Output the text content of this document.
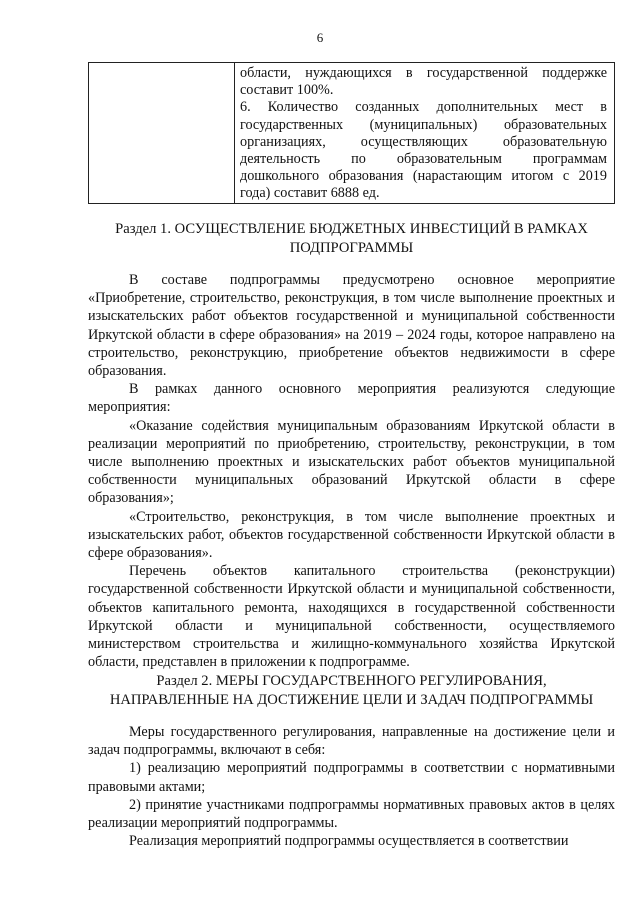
6

области, нуждающихся в государственной поддержке составит 100%.

6. Количество созданных дополнительных мест в государственных (муниципальных) образовательных организациях, осуществляющих образовательную деятельность по образовательным программам дошкольного образования (нарастающим итогом с 2019 года) составит 6888 ед.

Раздел 1. ОСУЩЕСТВЛЕНИЕ БЮДЖЕТНЫХ ИНВЕСТИЦИЙ В РАМКАХ ПОДПРОГРАММЫ

В составе подпрограммы предусмотрено основное мероприятие «Приобретение, строительство, реконструкция, в том числе выполнение проектных и изыскательских работ объектов государственной и муниципальной собственности Иркутской области в сфере образования» на 2019 – 2024 годы, которое направлено на строительство, реконструкцию, приобретение объектов недвижимости в сфере образования.

В рамках данного основного мероприятия реализуются следующие мероприятия:

«Оказание содействия муниципальным образованиям Иркутской области в реализации мероприятий по приобретению, строительству, реконструкции, в том числе выполнению проектных и изыскательских работ объектов муниципальной собственности муниципальных образований Иркутской области в сфере образования»;

«Строительство, реконструкция, в том числе выполнение проектных и изыскательских работ, объектов государственной собственности Иркутской области в сфере образования».

Перечень объектов капитального строительства (реконструкции) государственной собственности Иркутской области и муниципальной собственности, объектов капитального ремонта, находящихся в государственной собственности Иркутской области и муниципальной собственности, осуществляемого министерством строительства и жилищно-коммунального хозяйства Иркутской области, представлен в приложении к подпрограмме.

Раздел 2. МЕРЫ ГОСУДАРСТВЕННОГО РЕГУЛИРОВАНИЯ,
НАПРАВЛЕННЫЕ НА ДОСТИЖЕНИЕ ЦЕЛИ И ЗАДАЧ ПОДПРОГРАММЫ

Меры государственного регулирования, направленные на достижение цели и задач подпрограммы, включают в себя:

1) реализацию мероприятий подпрограммы в соответствии с нормативными правовыми актами;

2) принятие участниками подпрограммы нормативных правовых актов в целях реализации мероприятий подпрограммы.

Реализация мероприятий подпрограммы осуществляется в соответствии
